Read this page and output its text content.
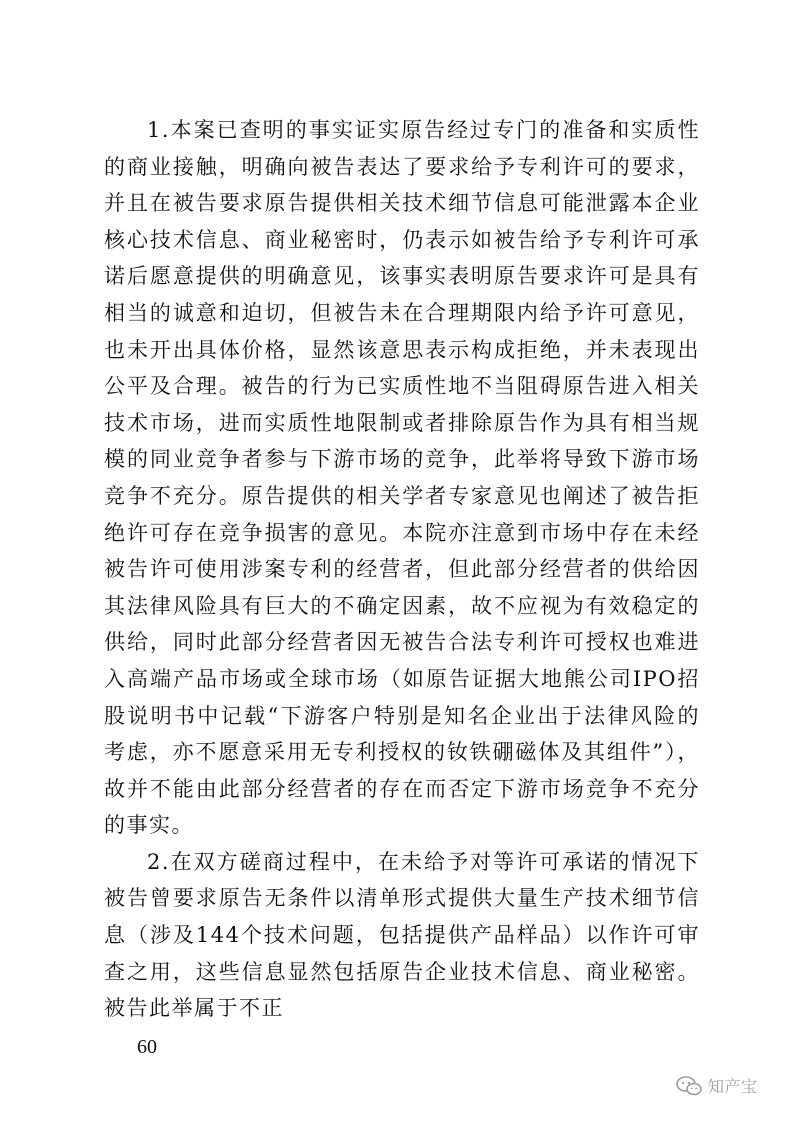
1.本案已查明的事实证实原告经过专门的准备和实质性的商业接触，明确向被告表达了要求给予专利许可的要求，并且在被告要求原告提供相关技术细节信息可能泄露本企业核心技术信息、商业秘密时，仍表示如被告给予专利许可承诺后愿意提供的明确意见，该事实表明原告要求许可是具有相当的诚意和迫切，但被告未在合理期限内给予许可意见，也未开出具体价格，显然该意思表示构成拒绝，并未表现出公平及合理。被告的行为已实质性地不当阻碍原告进入相关技术市场，进而实质性地限制或者排除原告作为具有相当规模的同业竞争者参与下游市场的竞争，此举将导致下游市场竞争不充分。原告提供的相关学者专家意见也阐述了被告拒绝许可存在竞争损害的意见。本院亦注意到市场中存在未经被告许可使用涉案专利的经营者，但此部分经营者的供给因其法律风险具有巨大的不确定因素，故不应视为有效稳定的供给，同时此部分经营者因无被告合法专利许可授权也难进入高端产品市场或全球市场（如原告证据大地熊公司IPO招股说明书中记载“下游客户特别是知名企业出于法律风险的考虑，亦不愿意采用无专利授权的钕铁硼磁体及其组件”），故并不能由此部分经营者的存在而否定下游市场竞争不充分的事实。

2.在双方磋商过程中，在未给予对等许可承诺的情况下被告曾要求原告无条件以清单形式提供大量生产技术细节信息（涉及144个技术问题，包括提供产品样品）以作许可审查之用，这些信息显然包括原告企业技术信息、商业秘密。被告此举属于不正

60
知产宝
